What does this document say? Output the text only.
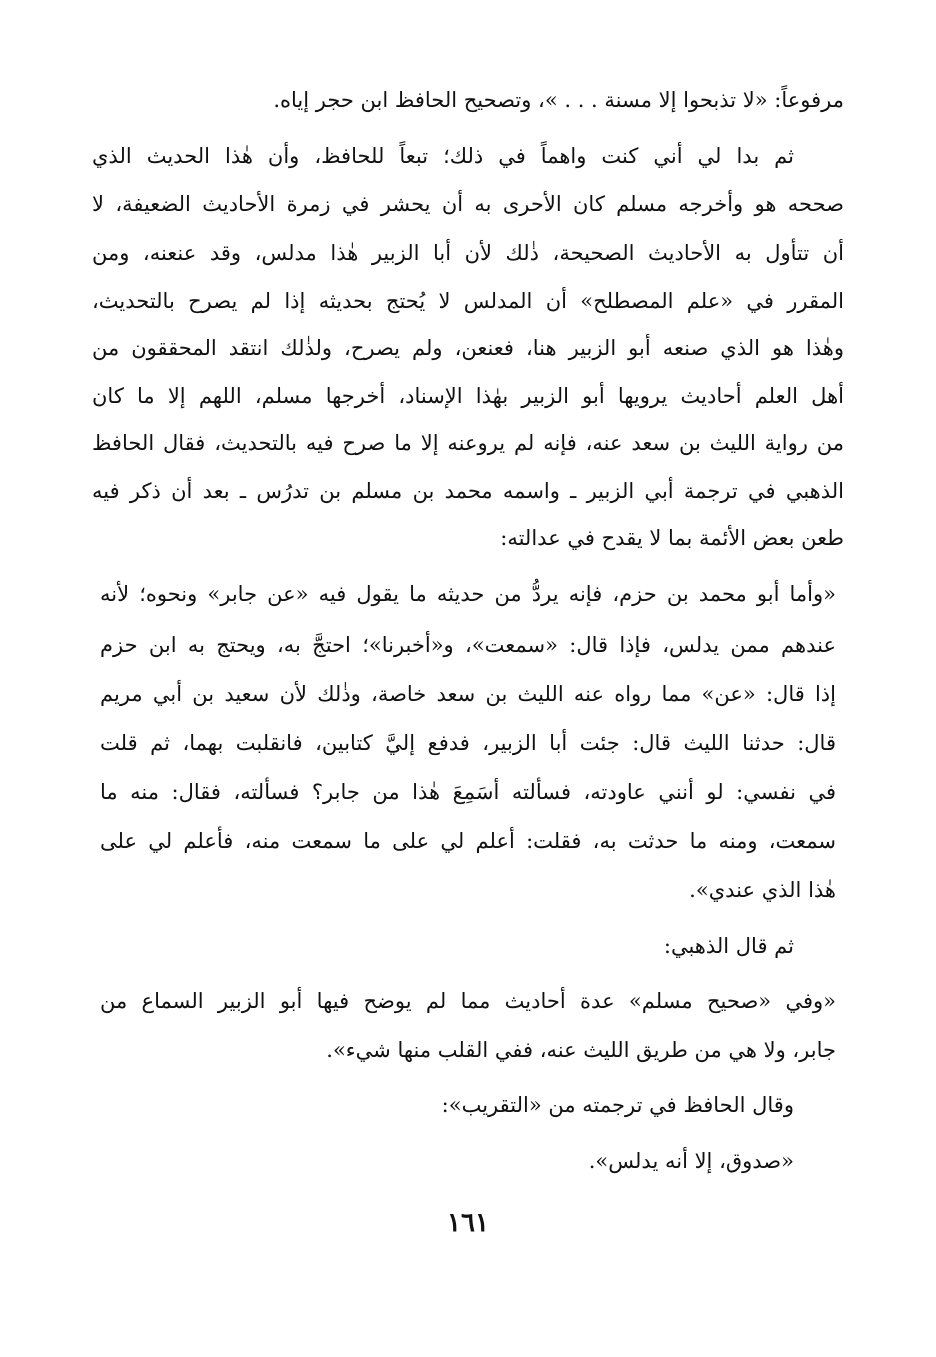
مرفوعاً: «لا تذبحوا إلا مسنة . . . »، وتصحيح الحافظ ابن حجر إياه.
ثم بدا لي أني كنت واهماً في ذلك؛ تبعاً للحافظ، وأن هٰذا الحديث الذي
صححه هو وأخرجه مسلم كان الأحرى به أن يحشر في زمرة الأحاديث الضعيفة، لا
أن تتأول به الأحاديث الصحيحة، ذٰلك لأن أبا الزبير هٰذا مدلس، وقد عنعنه، ومن
المقرر في «علم المصطلح» أن المدلس لا يُحتج بحديثه إذا لم يصرح بالتحديث،
وهٰذا هو الذي صنعه أبو الزبير هنا، فعنعن، ولم يصرح، ولذٰلك انتقد المحققون من
أهل العلم أحاديث يرويها أبو الزبير بهٰذا الإسناد، أخرجها مسلم، اللهم إلا ما كان
من رواية الليث بن سعد عنه، فإنه لم يروعنه إلا ما صرح فيه بالتحديث، فقال الحافظ
الذهبي في ترجمة أبي الزبير ـ واسمه محمد بن مسلم بن تدرُس ـ بعد أن ذكر فيه
طعن بعض الأئمة بما لا يقدح في عدالته:
«وأما أبو محمد بن حزم، فإنه يردُّ من حديثه ما يقول فيه «عن جابر» ونحوه؛ لأنه
عندهم ممن يدلس، فإذا قال: «سمعت»، و«أخبرنا»؛ احتجَّ به، ويحتج به ابن حزم
إذا قال: «عن» مما رواه عنه الليث بن سعد خاصة، وذٰلك لأن سعيد بن أبي مريم
قال: حدثنا الليث قال: جئت أبا الزبير، فدفع إليَّ كتابين، فانقلبت بهما، ثم قلت
في نفسي: لو أنني عاودته، فسألته أسَمِعَ هٰذا من جابر؟ فسألته، فقال: منه ما
سمعت، ومنه ما حدثت به، فقلت: أعلم لي على ما سمعت منه، فأعلم لي على
هٰذا الذي عندي».
ثم قال الذهبي:
«وفي «صحيح مسلم» عدة أحاديث مما لم يوضح فيها أبو الزبير السماع من
جابر، ولا هي من طريق الليث عنه، ففي القلب منها شيء».
وقال الحافظ في ترجمته من «التقريب»:
«صدوق، إلا أنه يدلس».
١٦١
